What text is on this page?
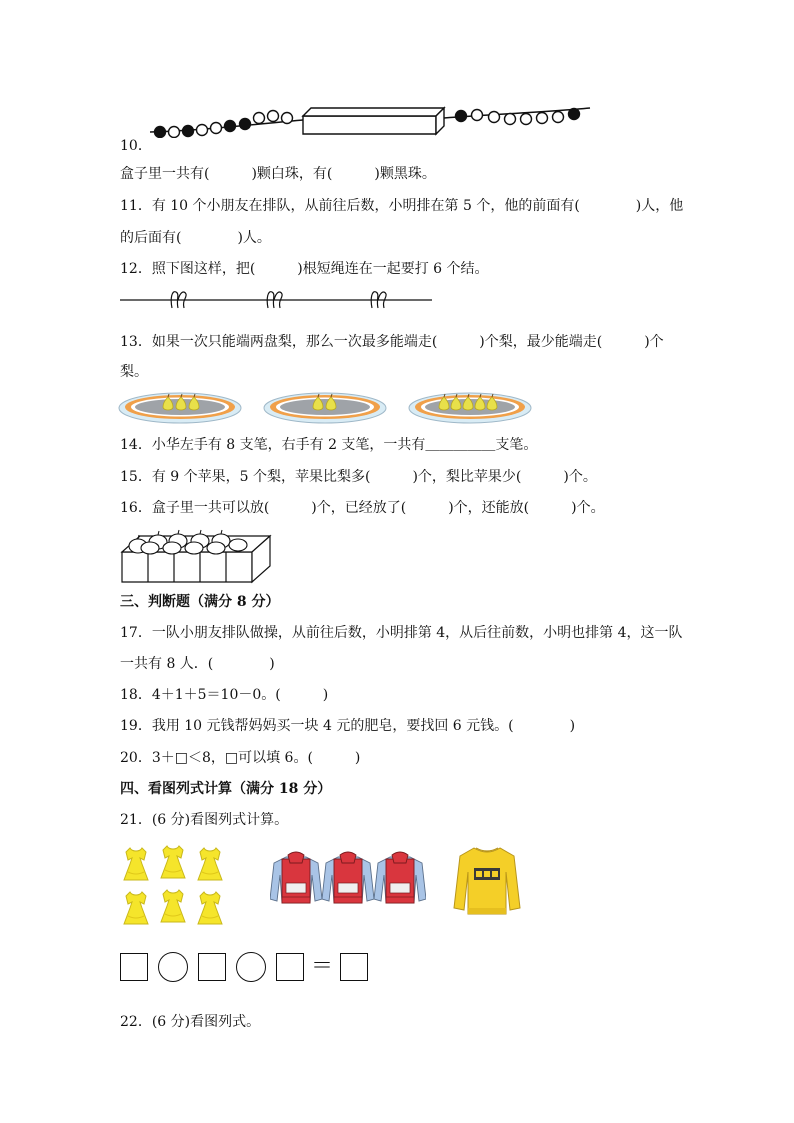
10．
盒子里一共有(　　　)颗白珠，有(　　　)颗黑珠。
11．有 10 个小朋友在排队，从前往后数，小明排在第 5 个，他的前面有(　　　　)人，他
的后面有(　　　　)人。
12．照下图这样，把(　　　)根短绳连在一起要打 6 个结。
13．如果一次只能端两盘梨，那么一次最多能端走(　　　)个梨，最少能端走(　　　)个
梨。
14．小华左手有 8 支笔，右手有 2 支笔，一共有＿＿＿＿＿支笔。
15．有 9 个苹果，5 个梨，苹果比梨多(　　　)个，梨比苹果少(　　　)个。
16．盒子里一共可以放(　　　)个，已经放了(　　　)个，还能放(　　　)个。
三、判断题（满分 8 分）
17．一队小朋友排队做操，从前往后数，小明排第 4，从后往前数，小明也排第 4，这一队
一共有 8 人．(　　　　)
18．4＋1＋5＝10－0。(　　　)
19．我用 10 元钱帮妈妈买一块 4 元的肥皂，要找回 6 元钱。(　　　　)
20．3＋□＜8，□可以填 6。(　　　)
四、看图列式计算（满分 18 分）
21．(6 分)看图列式计算。
＝
22．(6 分)看图列式。
